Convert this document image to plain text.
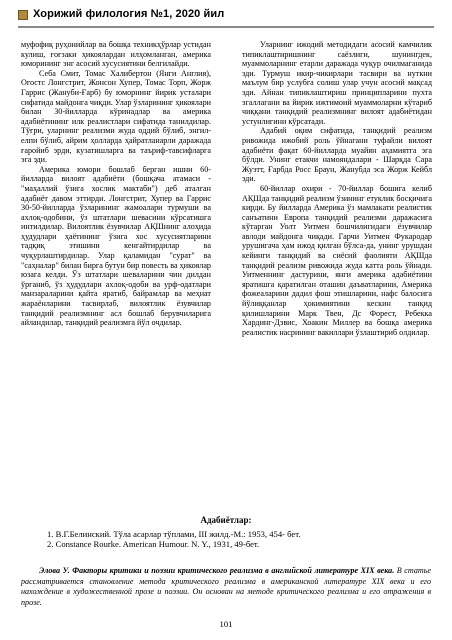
Хорижий филология №1, 2020 йил

муфофиқ руҳонийлар ва бошқа техникҳўрлар устидан кулиш, ғоғзаки ҳикоялардан илҳомланган, америка юморининг энг асосий хусусиятини белгилайди.

Себа Смит, Томас Халибертон (Янги Англия), Огостс Лонгстрит, Жонсон Хупер, Томас Торп, Жорж Гаррис (Жануби-Ғарб) бу юморнинг йирик усталари сифатида майдонга чиқди. Улар ўзларининг ҳикоялари билан 30-йилларда кўринадлар ва америка адабиётининг илк реалистлари сифатида танилдилар. Тўғри, уларнинг реализми жуда оддий бўлиб, энгил-елпи бўлиб, айрим ҳолларда ҳайратланарли даражада ғаройиб эрди, кузатишларга ва таъриф-тавсифларга эга эди.

Америка юмори бошлаб берган ишни 60-йилларда вилоят адабиёти (бошқача атамаси - "маҳаллий ўзига хослик мактаби") деб аталган адабиёт давом эттирди. Лонгстрит, Хупер ва Гаррис 30-50-йилларда ўзларининг жамоалари турмуши ва ахлоқ-одобини, ўз штатлари шевасини кўрсатишга интилдилар. Вилоятлик ёзувчилар АҚШнинг алоҳида ҳудудлари ҳаётининг ўзига хос хусусиятларини тадқиқ этишини кенгайтирдилар ва чуқурлаштирдилар. Улар қаламидан "сурат" ва "саҳналар" билан бирга бутун бир повесть ва ҳикоялар юзага келди. Ўз штатлари шеваларини чин дилдан ўрганиб, ўз ҳудудлари ахлоқ-одоби ва урф-одатлари манзараларини қайта яратиб, байрамлар ва меҳнат жараёнларини тасвирлаб, вилоятлик ёзувчилар танқидий реализмнинг асл бошлаб берувчиларига айландилар, танқидий реализмга йўл очдилар.

Уларнинг ижодий методидаги асосий камчилик типиклаштиришнинг саёзлиги, шунингдек, муаммоларнинг етарли даражада чуқур очилмаганида эди. Турмуш икир-чикирлари тасвири ва нуткни маълум бир услубга солиш улар учун асосий мақсад эди. Айнан типиклаштириш принципларини пухта эгаллагани ва йирик ижтимоий муаммоларни кўтариб чиққани танқидий реализмнинг вилоят адабиётидан устунлигини кўрсатади.

Адабий оқим сифатида, танқидий реализм ривожида ижобий роль ўйнагани туфайли вилоят адабиёти фақат 60-йилларда муайян аҳамиятга эга бўлди. Унинг етакчи намояндалари - Шарқда Сара Жуэтт, Ғарбда Росс Браун, Жанубда эса Жорж Кейбл эди.

60-йиллар охири - 70-йиллар бошига келиб АҚШда танқидий реализм ўзининг етуклик босқичига кирди. Бу йилларда Америка ўз мамлакати реалистик санъатини Европа танқидий реализми даражасига кўтарган Уолт Уитмен бошчилигидаги ёзувчилар авлоди майдонга чиқади. Гарчи Уитмен Фукародар урушигача ҳам ижод қилган бўлса-да, унинг урушдан кейинги танқидий ва сиёсий фаолияти АҚШда танқидий реализм ривожида жуда катта роль ўйнади. Уитменнинг дастурини, янги америка адабиётини яратишга қаратилган оташин даъватларини, Америка фожеаларини дадил фош этишларини, нафс балосига йўлиққанлар ҳокимиятини кескин танқид қилишларини Марк Твен, Дс Форест, Ребекка Хардинг-Дэвис, Хоакин Миллер ва бошқа америка реалистик насрининг вакиллари ўзлаштириб олдилар.

Адабиётлар:
1. В.Г.Белинский. Тўла асарлар тўплами, III жилд.-М.: 1953, 454- бет.
2. Constance Rourke. American Humour. N. Y., 1931, 49-бет.
Элова У. Факторы критики и поэзии критического реализма в английской литературе XIX века. В статье рассматривается становление метода критического реализма в американской литературе XIX века и его нахождение в художественной прозе и поэзии. Он основан на методе критического реализма и его отражения в прозе.
101
